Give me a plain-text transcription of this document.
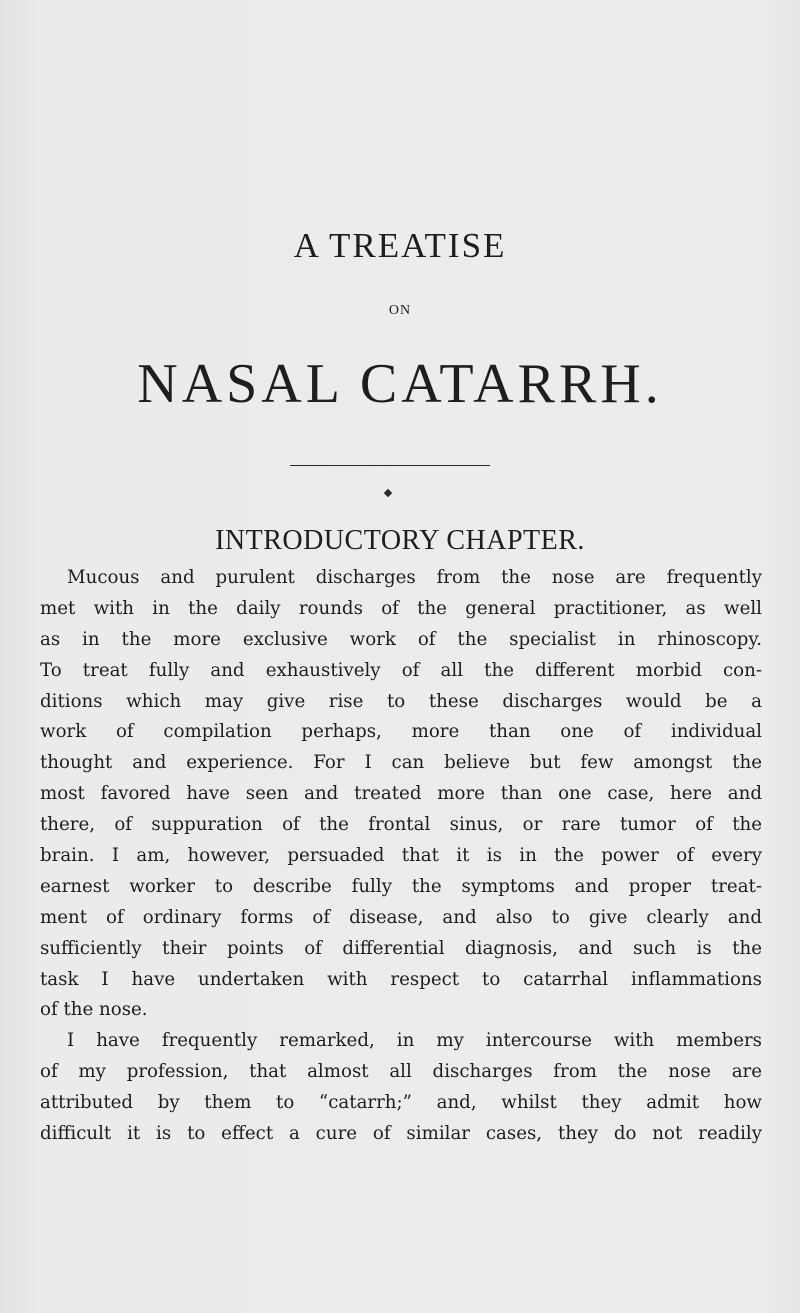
A TREATISE
ON
NASAL CATARRH.
INTRODUCTORY CHAPTER.
Mucous and purulent discharges from the nose are frequently
met with in the daily rounds of the general practitioner, as well
as in the more exclusive work of the specialist in rhinoscopy.
To treat fully and exhaustively of all the different morbid con-
ditions which may give rise to these discharges would be a
work of compilation perhaps, more than one of individual
thought and experience. For I can believe but few amongst the
most favored have seen and treated more than one case, here and
there, of suppuration of the frontal sinus, or rare tumor of the
brain. I am, however, persuaded that it is in the power of every
earnest worker to describe fully the symptoms and proper treat-
ment of ordinary forms of disease, and also to give clearly and
sufficiently their points of differential diagnosis, and such is the
task I have undertaken with respect to catarrhal inflammations
of the nose.
I have frequently remarked, in my intercourse with members
of my profession, that almost all discharges from the nose are
attributed by them to “catarrh;” and, whilst they admit how
difficult it is to effect a cure of similar cases, they do not readily
